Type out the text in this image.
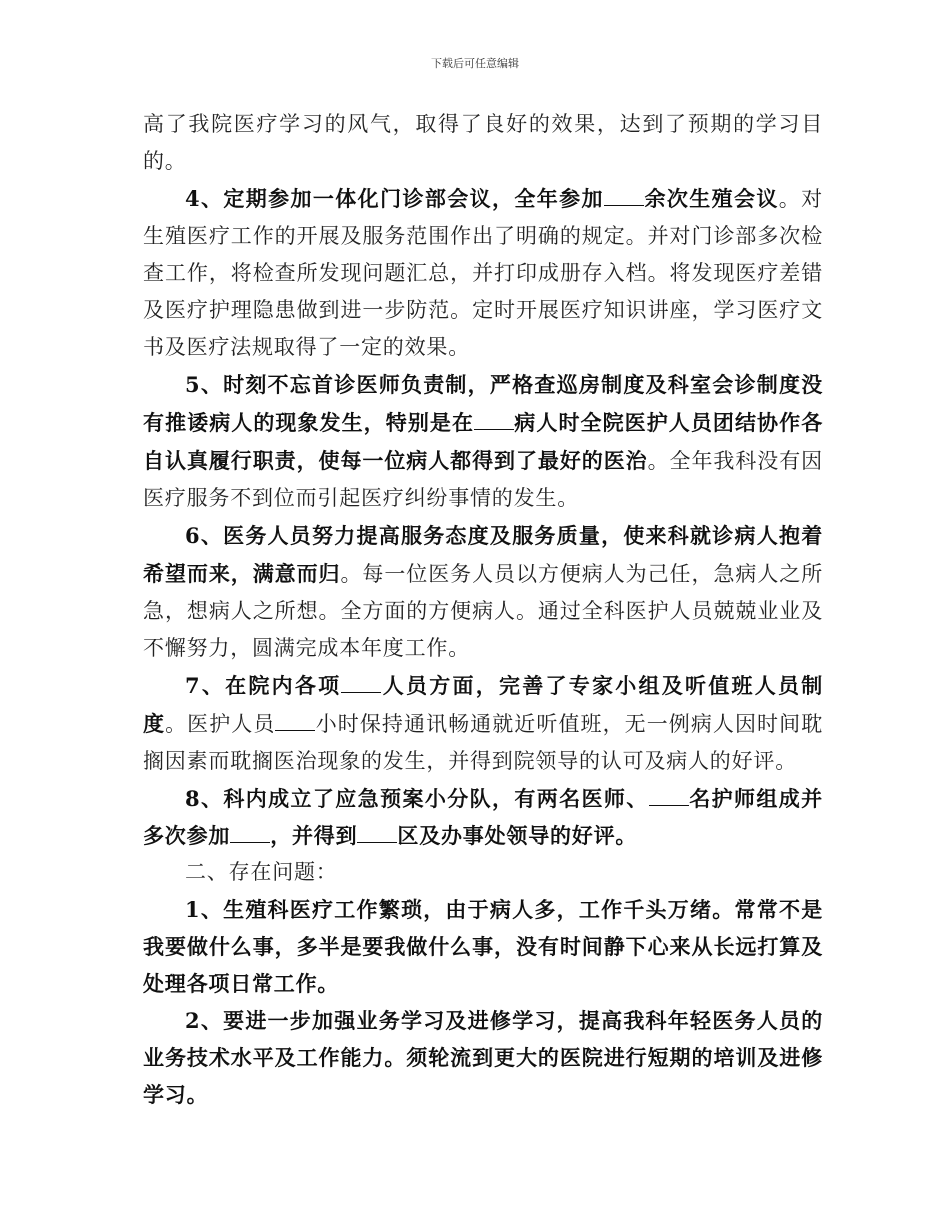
下载后可任意编辑

高了我院医疗学习的风气，取得了良好的效果，达到了预期的学习目的。

4、定期参加一体化门诊部会议，全年参加 余次生殖会议。对生殖医疗工作的开展及服务范围作出了明确的规定。并对门诊部多次检查工作，将检查所发现问题汇总，并打印成册存入档。将发现医疗差错及医疗护理隐患做到进一步防范。定时开展医疗知识讲座，学习医疗文书及医疗法规取得了一定的效果。

5、时刻不忘首诊医师负责制，严格查巡房制度及科室会诊制度没有推诿病人的现象发生，特别是在 病人时全院医护人员团结协作各自认真履行职责，使每一位病人都得到了最好的医治。全年我科没有因医疗服务不到位而引起医疗纠纷事情的发生。

6、医务人员努力提高服务态度及服务质量，使来科就诊病人抱着希望而来，满意而归。每一位医务人员以方便病人为己任，急病人之所急，想病人之所想。全方面的方便病人。通过全科医护人员兢兢业业及不懈努力，圆满完成本年度工作。

7、在院内各项 人员方面，完善了专家小组及听值班人员制度。医护人员 小时保持通讯畅通就近听值班，无一例病人因时间耽搁因素而耽搁医治现象的发生，并得到院领导的认可及病人的好评。

8、科内成立了应急预案小分队，有两名医师、 名护师组成并多次参加 ，并得到 区及办事处领导的好评。

二、存在问题：

1、生殖科医疗工作繁琐，由于病人多，工作千头万绪。常常不是我要做什么事，多半是要我做什么事，没有时间静下心来从长远打算及处理各项日常工作。

2、要进一步加强业务学习及进修学习，提高我科年轻医务人员的业务技术水平及工作能力。须轮流到更大的医院进行短期的培训及进修学习。
